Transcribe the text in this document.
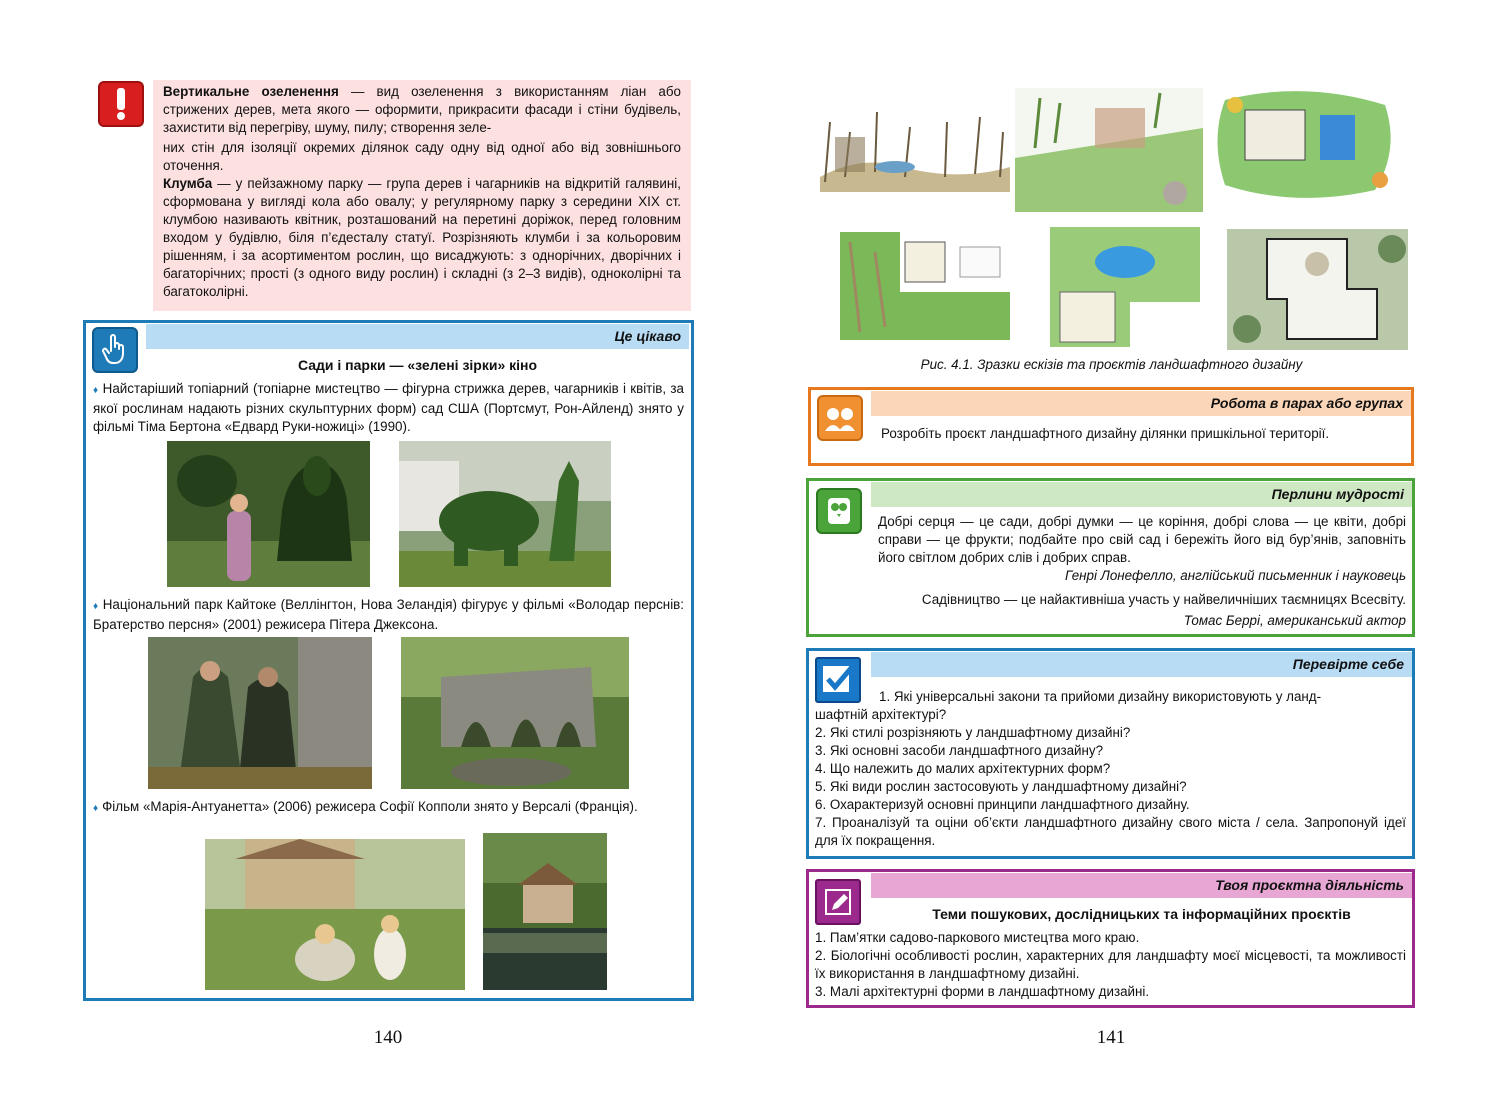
Вертикальне озеленення — вид озеленення з використанням ліан або стрижених дерев, мета якого — оформити, прикрасити фасади і стіни будівель, захистити від перегріву, шуму, пилу; створення зеле-
них стін для ізоляції окремих ділянок саду одну від одної або від зовнішнього оточення.
Клумба — у пейзажному парку — група дерев і чагарників на відкритій галявині, сформована у вигляді кола або овалу; у регулярному парку з середини XIX ст. клумбою називають квітник, розташований на перетині доріжок, перед головним входом у будівлю, біля п’єдесталу статуї. Розрізняють клумби і за кольоровим рішенням, і за асортиментом рослин, що висаджують: з однорічних, дворічних і багаторічних; прості (з одного виду рослин) і складні (з 2–3 видів), одноколірні та багатоколірні.
Це цікаво
Сади і парки — «зелені зірки» кіно
♦ Найстаріший топіарний (топіарне мистецтво — фігурна стрижка дерев, чагарників і квітів, за якої рослинам надають різних скульптурних форм) сад США (Портсмут, Рон-Айленд) знято у фільмі Тіма Бертона «Едвард Руки-ножиці» (1990).
♦ Національний парк Кайтоке (Веллінгтон, Нова Зеландія) фігурує у фільмі «Володар перснів: Братерство персня» (2001) режисера Пітера Джексона.
♦ Фільм «Марія-Антуанетта» (2006) режисера Софії Копполи знято у Версалі (Франція).
140
Рис. 4.1. Зразки ескізів та проєктів ландшафтного дизайну
Робота в парах або групах
Розробіть проєкт ландшафтного дизайну ділянки пришкільної території.
Перлини мудрості
Добрі серця — це сади, добрі думки — це коріння, добрі слова — це квіти, добрі справи — це фрукти; подбайте про свій сад і бережіть його від бур’янів, заповніть його світлом добрих слів і добрих справ.
Генрі Лонефелло, англійський письменник і науковець
Садівництво — це найактивніша участь у найвеличніших таємницях Всесвіту.
Томас Беррі, американський актор
Перевірте себе
1. Які універсальні закони та прийоми дизайну використовують у ланд-
шафтній архітектурі?
2. Які стилі розрізняють у ландшафтному дизайні?
3. Які основні засоби ландшафтного дизайну?
4. Що належить до малих архітектурних форм?
5. Які види рослин застосовують у ландшафтному дизайні?
6. Охарактеризуй основні принципи ландшафтного дизайну.
7. Проаналізуй та оціни об’єкти ландшафтного дизайну свого міста / села. Запропонуй ідеї для їх покращення.
Твоя проєктна діяльність
Теми пошукових, дослідницьких та інформаційних проєктів
1. Пам’ятки садово-паркового мистецтва мого краю.
2. Біологічні особливості рослин, характерних для ландшафту моєї місцевості, та можливості їх використання в ландшафтному дизайні.
3. Малі архітектурні форми в ландшафтному дизайні.
141
